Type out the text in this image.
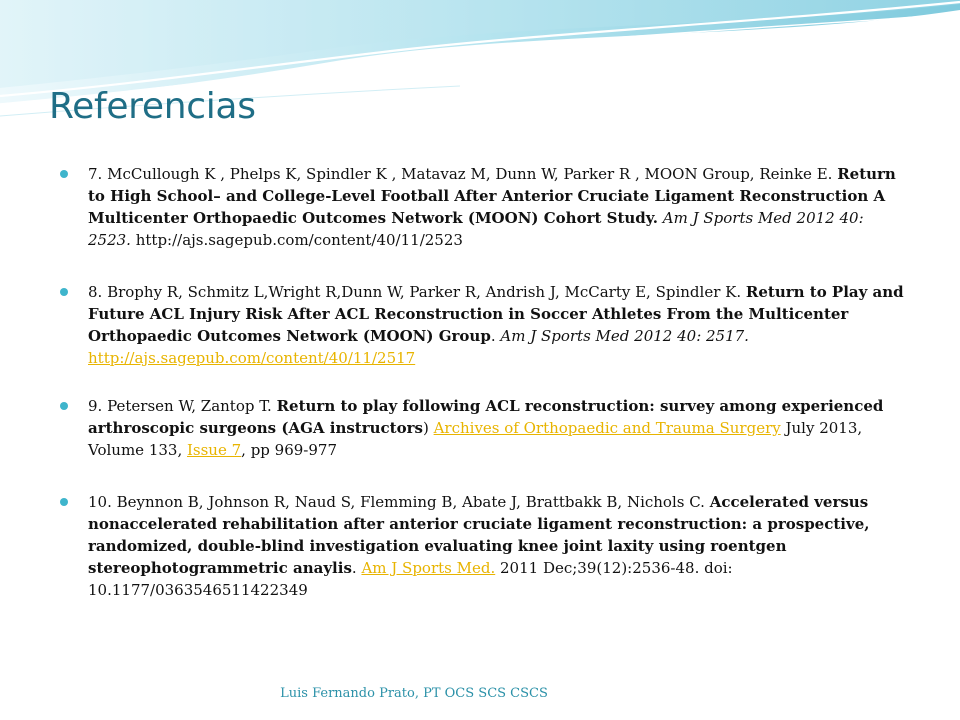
Referencias
7. McCullough K , Phelps K, Spindler K , Matavaz M, Dunn W, Parker R , MOON Group, Reinke E. Return to High School– and College-Level Football After Anterior Cruciate Ligament Reconstruction A Multicenter Orthopaedic Outcomes Network (MOON) Cohort Study. Am J Sports Med 2012 40: 2523. http://ajs.sagepub.com/content/40/11/2523
8. Brophy R, Schmitz L,Wright R,Dunn W, Parker R, Andrish J, McCarty E, Spindler K. Return to Play and Future ACL Injury Risk After ACL Reconstruction in Soccer Athletes From the Multicenter Orthopaedic Outcomes Network (MOON) Group. Am J Sports Med 2012 40: 2517.
http://ajs.sagepub.com/content/40/11/2517
9. Petersen W, Zantop T. Return to play following ACL reconstruction: survey among experienced arthroscopic surgeons (AGA instructors) Archives of Orthopaedic and Trauma Surgery July 2013, Volume 133, Issue 7, pp 969-977
10. Beynnon B, Johnson R, Naud S, Flemming B, Abate J, Brattbakk B, Nichols C. Accelerated versus nonaccelerated rehabilitation after anterior cruciate ligament reconstruction: a prospective, randomized, double-blind investigation evaluating knee joint laxity using roentgen stereophotogrammetric anaylis. Am J Sports Med. 2011 Dec;39(12):2536-48. doi: 10.1177/0363546511422349
Luis Fernando Prato, PT OCS SCS CSCS
